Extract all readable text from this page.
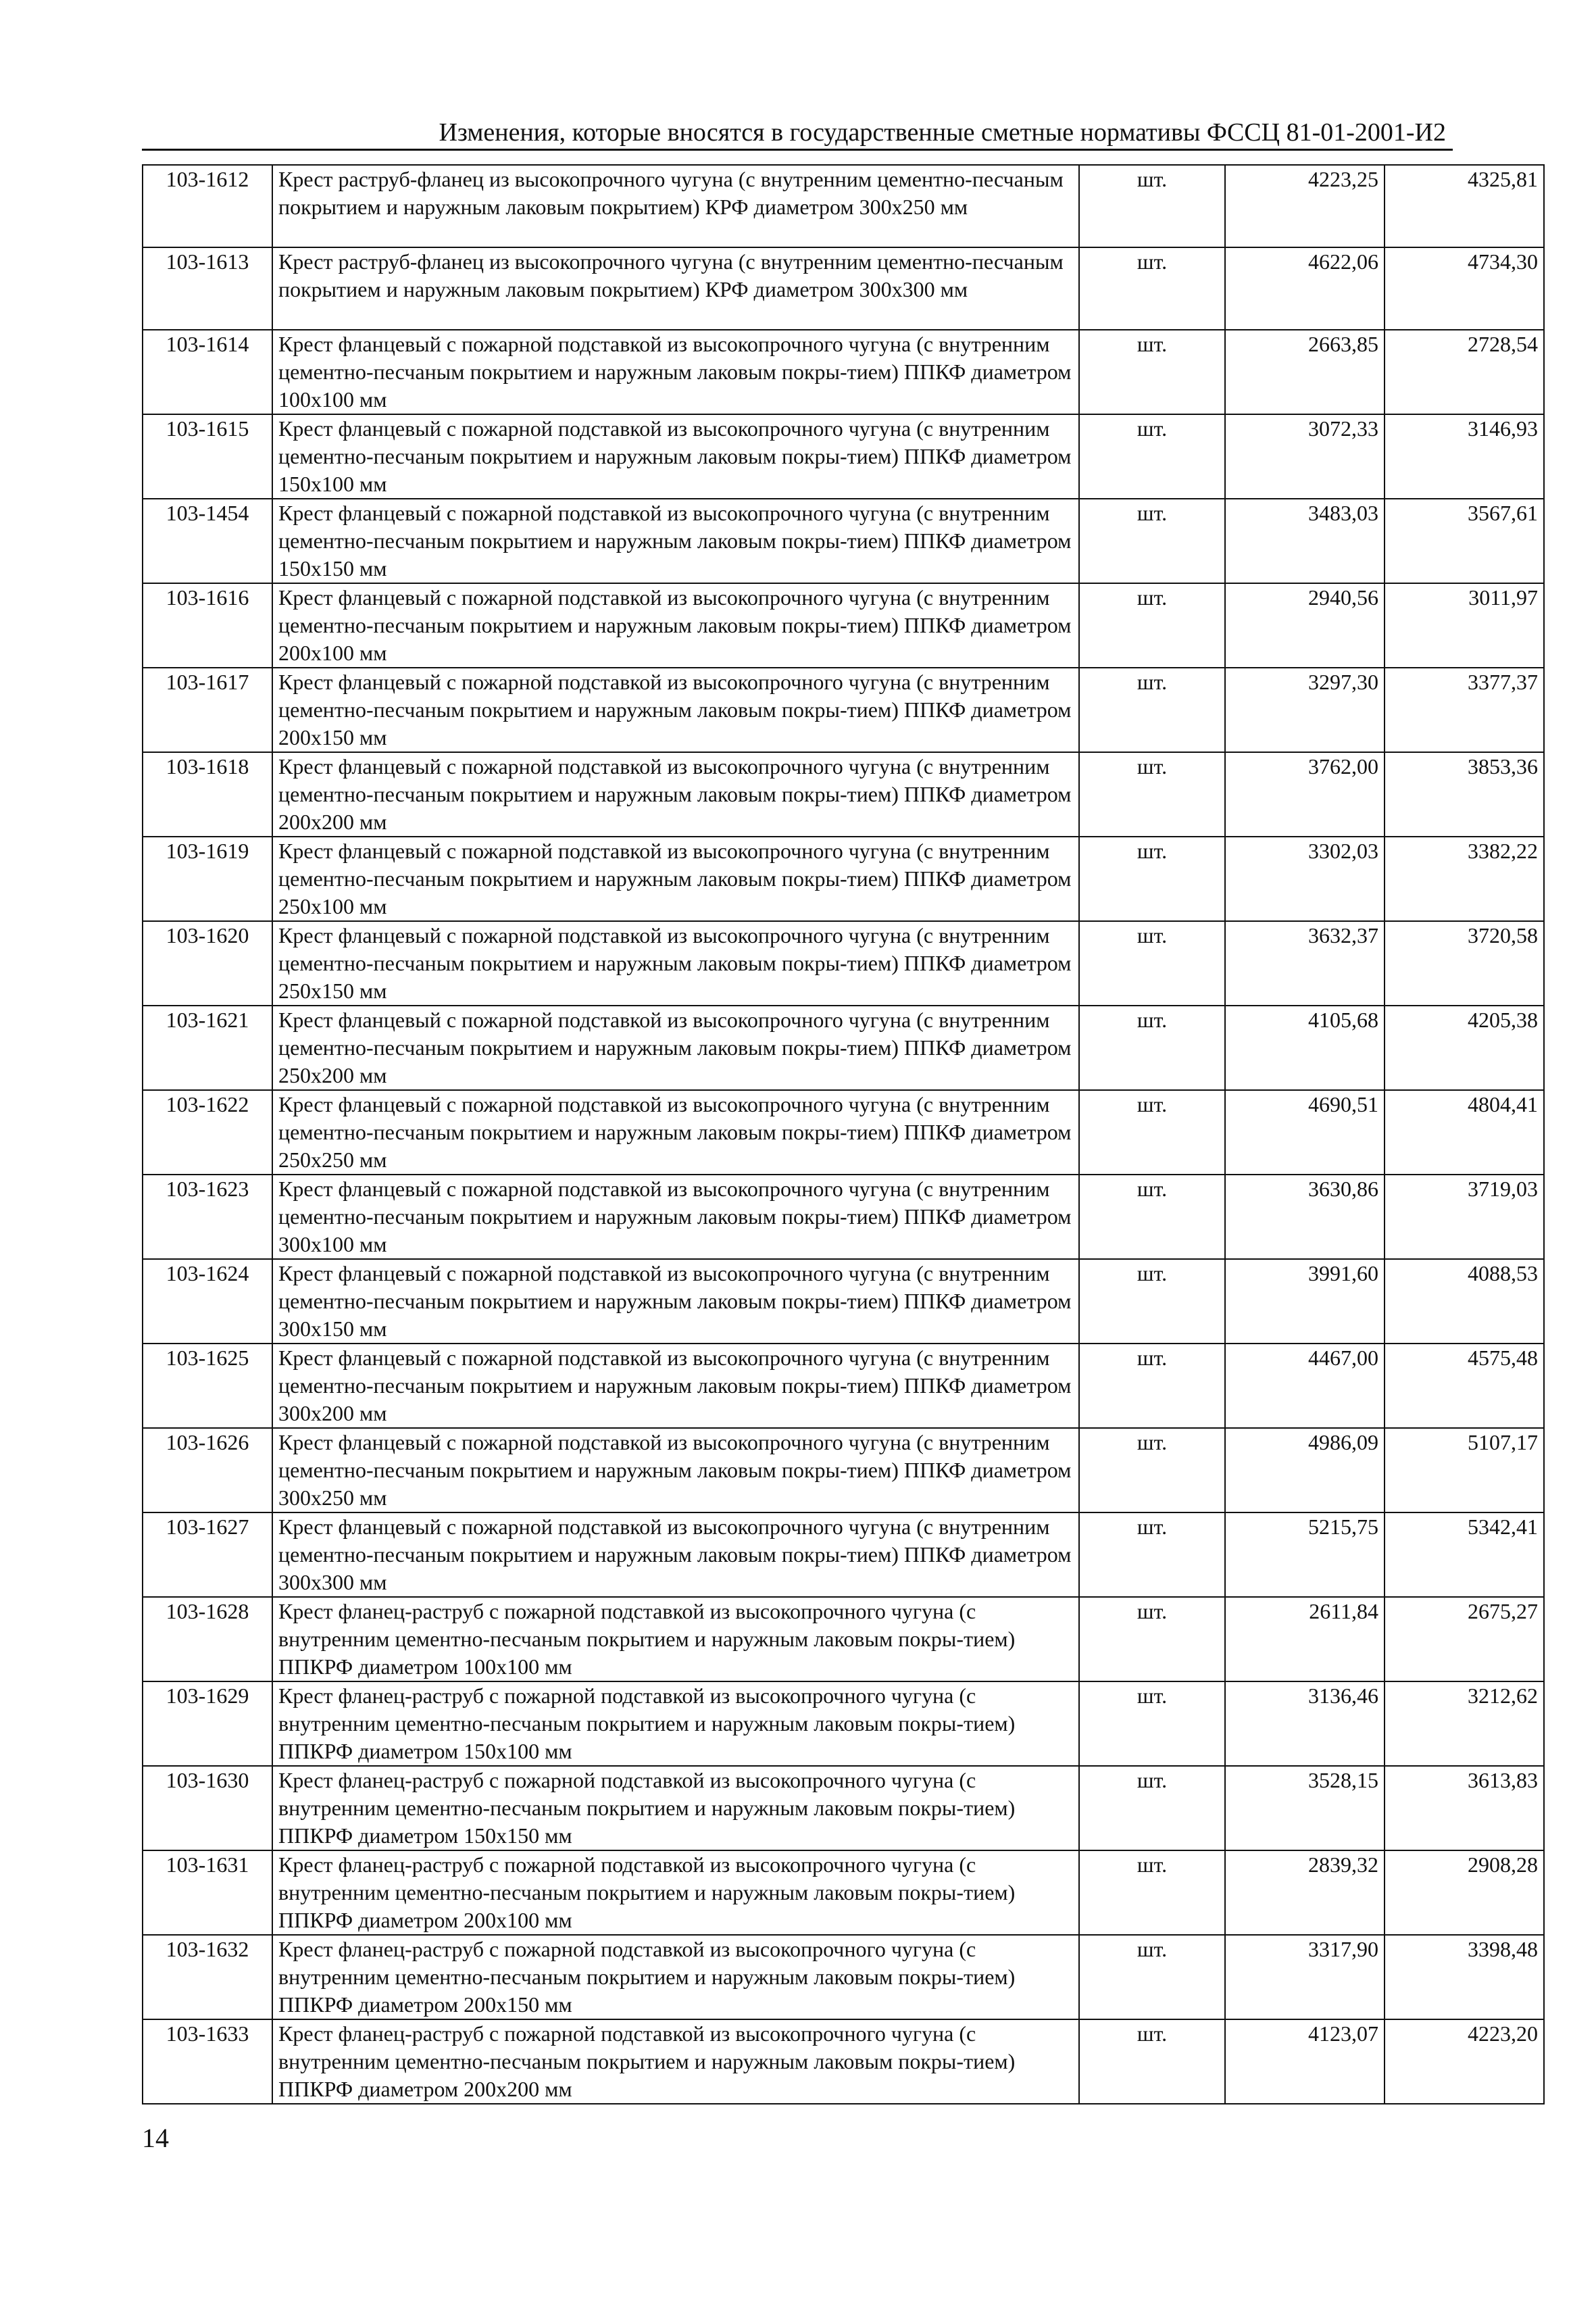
Изменения, которые вносятся в государственные сметные нормативы ФССЦ 81-01-2001-И2
103-1612	Крест раструб-фланец из высокопрочного чугуна (с внутренним цементно-песчаным покрытием и наружным лаковым покрытием) КРФ диаметром 300х250 мм	шт.	4223,25	4325,81
103-1613	Крест раструб-фланец из высокопрочного чугуна (с внутренним цементно-песчаным покрытием и наружным лаковым покрытием) КРФ диаметром 300х300 мм	шт.	4622,06	4734,30
103-1614	Крест фланцевый с пожарной подставкой из высокопрочного чугуна (с внутренним цементно-песчаным покрытием и наружным лаковым покры-тием) ППКФ диаметром 100х100 мм	шт.	2663,85	2728,54
103-1615	Крест фланцевый с пожарной подставкой из высокопрочного чугуна (с внутренним цементно-песчаным покрытием и наружным лаковым покры-тием) ППКФ диаметром 150х100 мм	шт.	3072,33	3146,93
103-1454	Крест фланцевый с пожарной подставкой из высокопрочного чугуна (с внутренним цементно-песчаным покрытием и наружным лаковым покры-тием) ППКФ диаметром 150х150 мм	шт.	3483,03	3567,61
103-1616	Крест фланцевый с пожарной подставкой из высокопрочного чугуна (с внутренним цементно-песчаным покрытием и наружным лаковым покры-тием) ППКФ диаметром 200х100 мм	шт.	2940,56	3011,97
103-1617	Крест фланцевый с пожарной подставкой из высокопрочного чугуна (с внутренним цементно-песчаным покрытием и наружным лаковым покры-тием) ППКФ диаметром 200х150 мм	шт.	3297,30	3377,37
103-1618	Крест фланцевый с пожарной подставкой из высокопрочного чугуна (с внутренним цементно-песчаным покрытием и наружным лаковым покры-тием) ППКФ диаметром 200х200 мм	шт.	3762,00	3853,36
103-1619	Крест фланцевый с пожарной подставкой из высокопрочного чугуна (с внутренним цементно-песчаным покрытием и наружным лаковым покры-тием) ППКФ диаметром 250х100 мм	шт.	3302,03	3382,22
103-1620	Крест фланцевый с пожарной подставкой из высокопрочного чугуна (с внутренним цементно-песчаным покрытием и наружным лаковым покры-тием) ППКФ диаметром 250х150 мм	шт.	3632,37	3720,58
103-1621	Крест фланцевый с пожарной подставкой из высокопрочного чугуна (с внутренним цементно-песчаным покрытием и наружным лаковым покры-тием) ППКФ диаметром 250х200 мм	шт.	4105,68	4205,38
103-1622	Крест фланцевый с пожарной подставкой из высокопрочного чугуна (с внутренним цементно-песчаным покрытием и наружным лаковым покры-тием) ППКФ диаметром 250х250 мм	шт.	4690,51	4804,41
103-1623	Крест фланцевый с пожарной подставкой из высокопрочного чугуна (с внутренним цементно-песчаным покрытием и наружным лаковым покры-тием) ППКФ диаметром 300х100 мм	шт.	3630,86	3719,03
103-1624	Крест фланцевый с пожарной подставкой из высокопрочного чугуна (с внутренним цементно-песчаным покрытием и наружным лаковым покры-тием) ППКФ диаметром 300х150 мм	шт.	3991,60	4088,53
103-1625	Крест фланцевый с пожарной подставкой из высокопрочного чугуна (с внутренним цементно-песчаным покрытием и наружным лаковым покры-тием) ППКФ диаметром 300х200 мм	шт.	4467,00	4575,48
103-1626	Крест фланцевый с пожарной подставкой из высокопрочного чугуна (с внутренним цементно-песчаным покрытием и наружным лаковым покры-тием) ППКФ диаметром 300х250 мм	шт.	4986,09	5107,17
103-1627	Крест фланцевый с пожарной подставкой из высокопрочного чугуна (с внутренним цементно-песчаным покрытием и наружным лаковым покры-тием) ППКФ диаметром 300х300 мм	шт.	5215,75	5342,41
103-1628	Крест фланец-раструб с пожарной подставкой из высокопрочного чугуна (с внутренним цементно-песчаным покрытием и наружным лаковым покры-тием) ППКРФ диаметром 100х100 мм	шт.	2611,84	2675,27
103-1629	Крест фланец-раструб с пожарной подставкой из высокопрочного чугуна (с внутренним цементно-песчаным покрытием и наружным лаковым покры-тием) ППКРФ диаметром 150х100 мм	шт.	3136,46	3212,62
103-1630	Крест фланец-раструб с пожарной подставкой из высокопрочного чугуна (с внутренним цементно-песчаным покрытием и наружным лаковым покры-тием) ППКРФ диаметром 150х150 мм	шт.	3528,15	3613,83
103-1631	Крест фланец-раструб с пожарной подставкой из высокопрочного чугуна (с внутренним цементно-песчаным покрытием и наружным лаковым покры-тием) ППКРФ диаметром 200х100 мм	шт.	2839,32	2908,28
103-1632	Крест фланец-раструб с пожарной подставкой из высокопрочного чугуна (с внутренним цементно-песчаным покрытием и наружным лаковым покры-тием) ППКРФ диаметром 200х150 мм	шт.	3317,90	3398,48
103-1633	Крест фланец-раструб с пожарной подставкой из высокопрочного чугуна (с внутренним цементно-песчаным покрытием и наружным лаковым покры-тием) ППКРФ диаметром 200х200 мм	шт.	4123,07	4223,20
14
